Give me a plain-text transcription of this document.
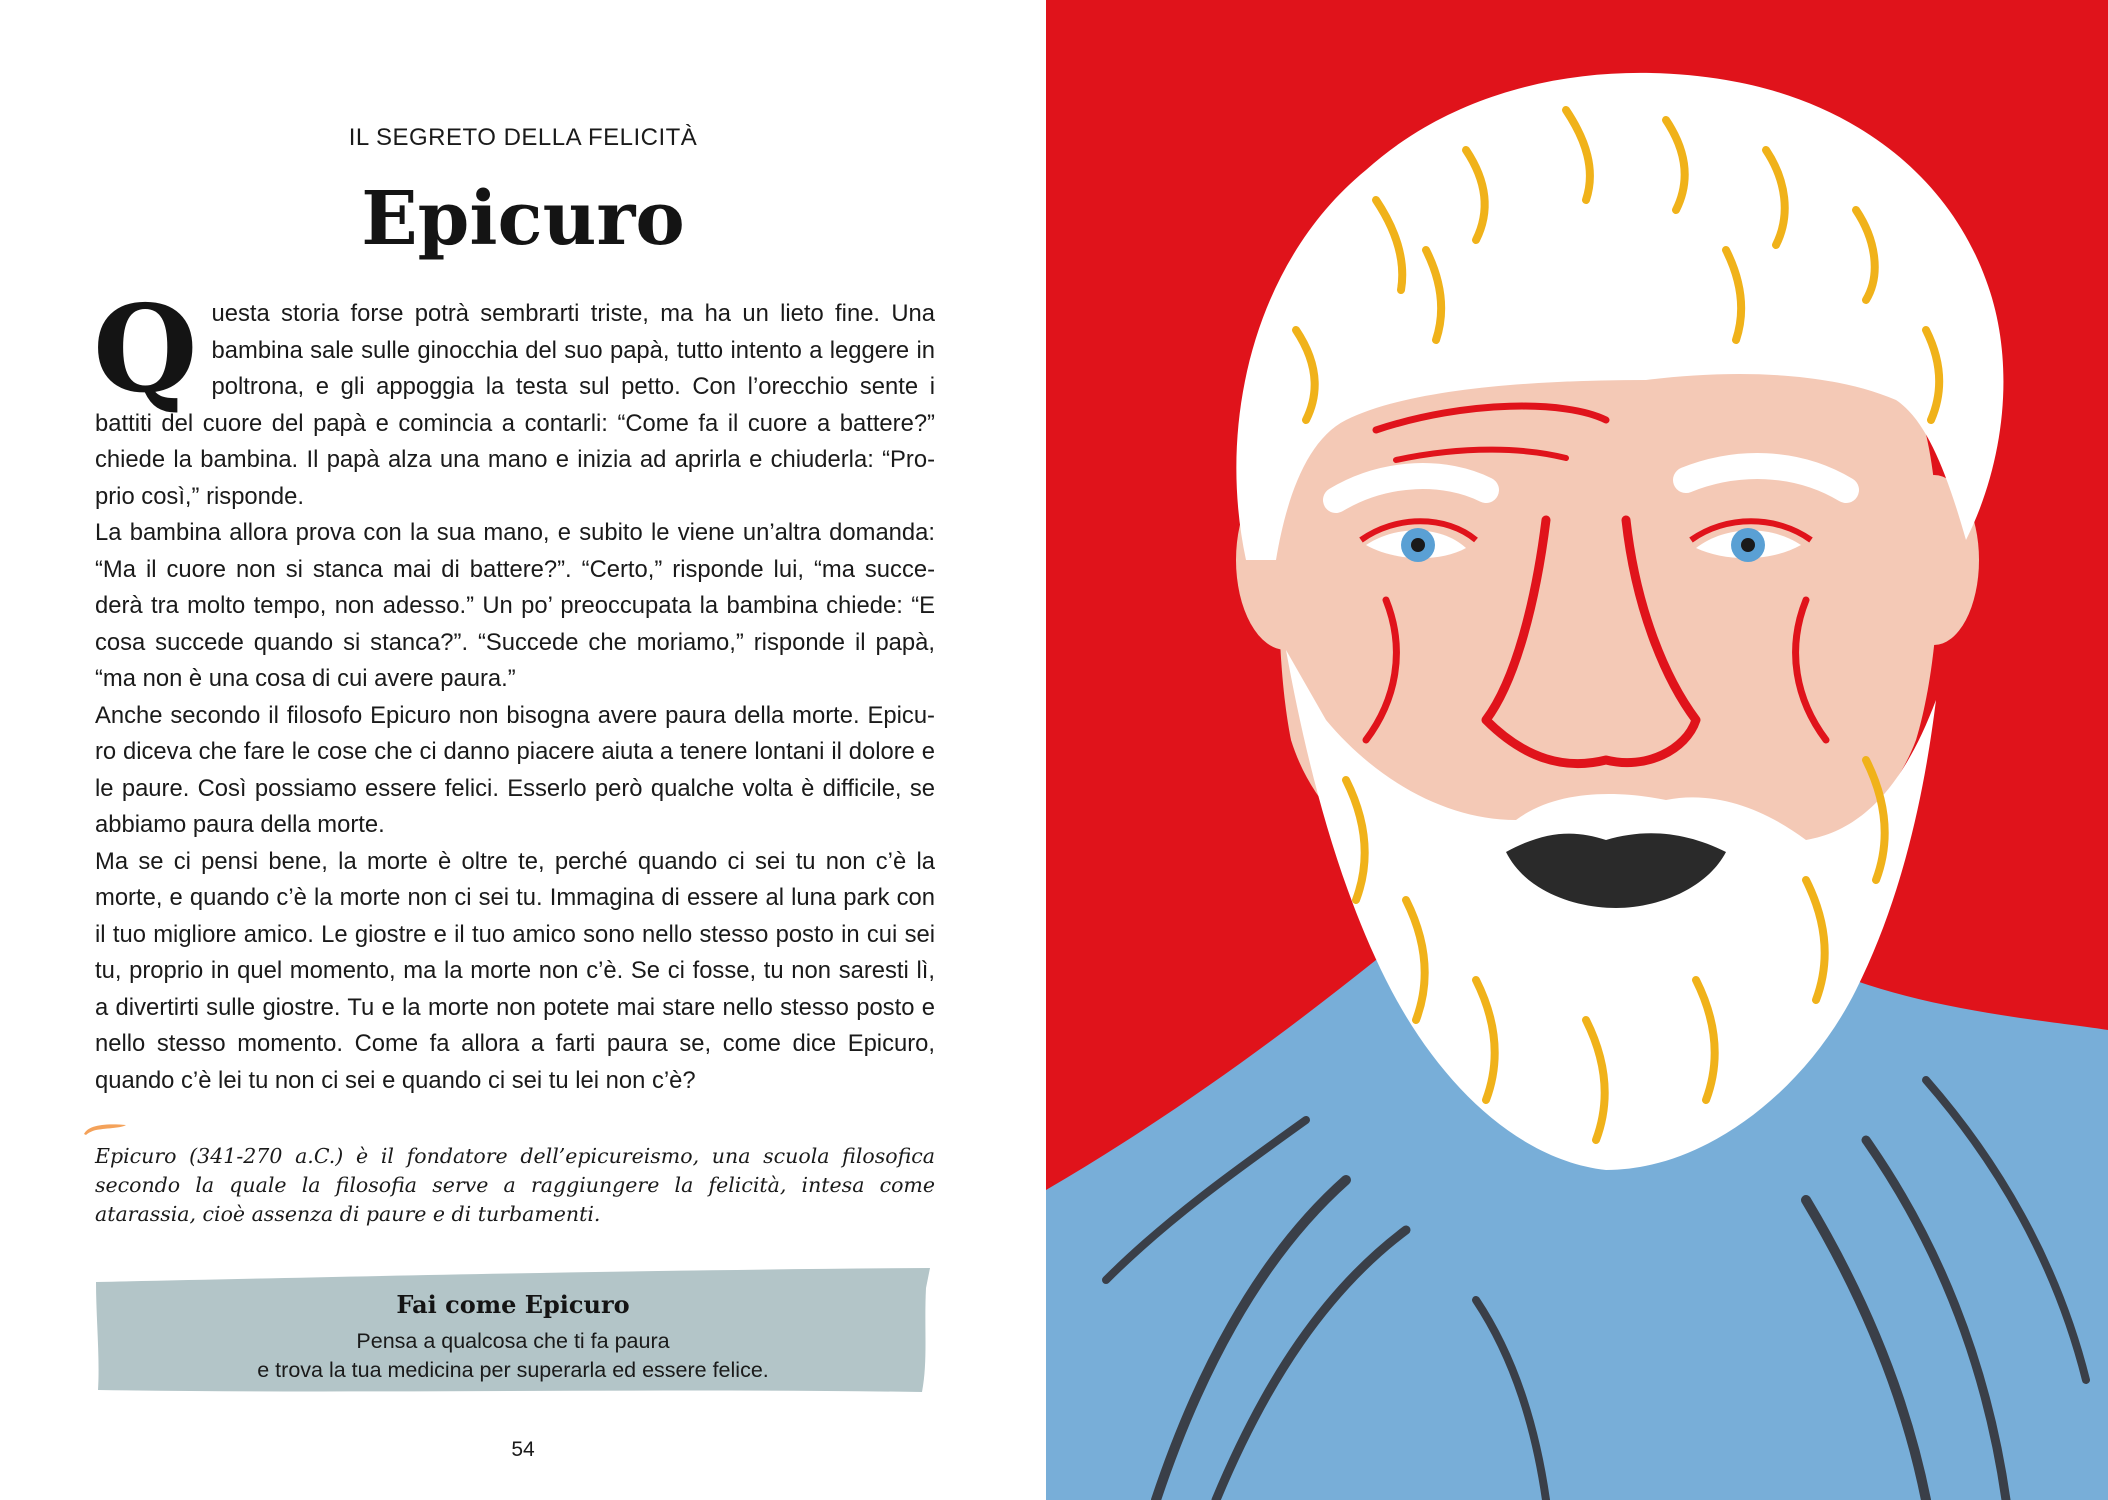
IL SEGRETO DELLA FELICITÀ
Epicuro
Q uesta storia forse potrà sembrarti triste, ma ha un lieto fine. Una bambina sale sulle ginocchia del suo papà, tutto intento a leggere in poltrona, e gli appoggia la testa sul petto. Con l’orecchio sente i battiti del cuore del papà e comincia a contarli: “Come fa il cuore a battere?” chiede la bambina. Il papà alza una mano e inizia ad aprirla e chiuderla: “Pro-prio così,” risponde.

La bambina allora prova con la sua mano, e subito le viene un’altra domanda: “Ma il cuore non si stanca mai di battere?”. “Certo,” risponde lui, “ma succe-derà tra molto tempo, non adesso.” Un po’ preoccupata la bambina chiede: “E cosa succede quando si stanca?”. “Succede che moriamo,” risponde il papà, “ma non è una cosa di cui avere paura.”

Anche secondo il filosofo Epicuro non bisogna avere paura della morte. Epicu-ro diceva che fare le cose che ci danno piacere aiuta a tenere lontani il dolore e le paure. Così possiamo essere felici. Esserlo però qualche volta è difficile, se abbiamo paura della morte.

Ma se ci pensi bene, la morte è oltre te, perché quando ci sei tu non c’è la morte, e quando c’è la morte non ci sei tu. Immagina di essere al luna park con il tuo migliore amico. Le giostre e il tuo amico sono nello stesso posto in cui sei tu, proprio in quel momento, ma la morte non c’è. Se ci fosse, tu non saresti lì, a divertirti sulle giostre. Tu e la morte non potete mai stare nello stesso posto e nello stesso momento. Come fa allora a farti paura se, come dice Epicuro, quando c’è lei tu non ci sei e quando ci sei tu lei non c’è?

Epicuro (341-270 a.C.) è il fondatore dell’epicureismo, una scuola filosofica secondo la quale la filosofia serve a raggiungere la felicità, intesa come atarassia, cioè assenza di paure e di turbamenti.

Fai come Epicuro
Pensa a qualcosa che ti fa paura
e trova la tua medicina per superarla ed essere felice.
54
